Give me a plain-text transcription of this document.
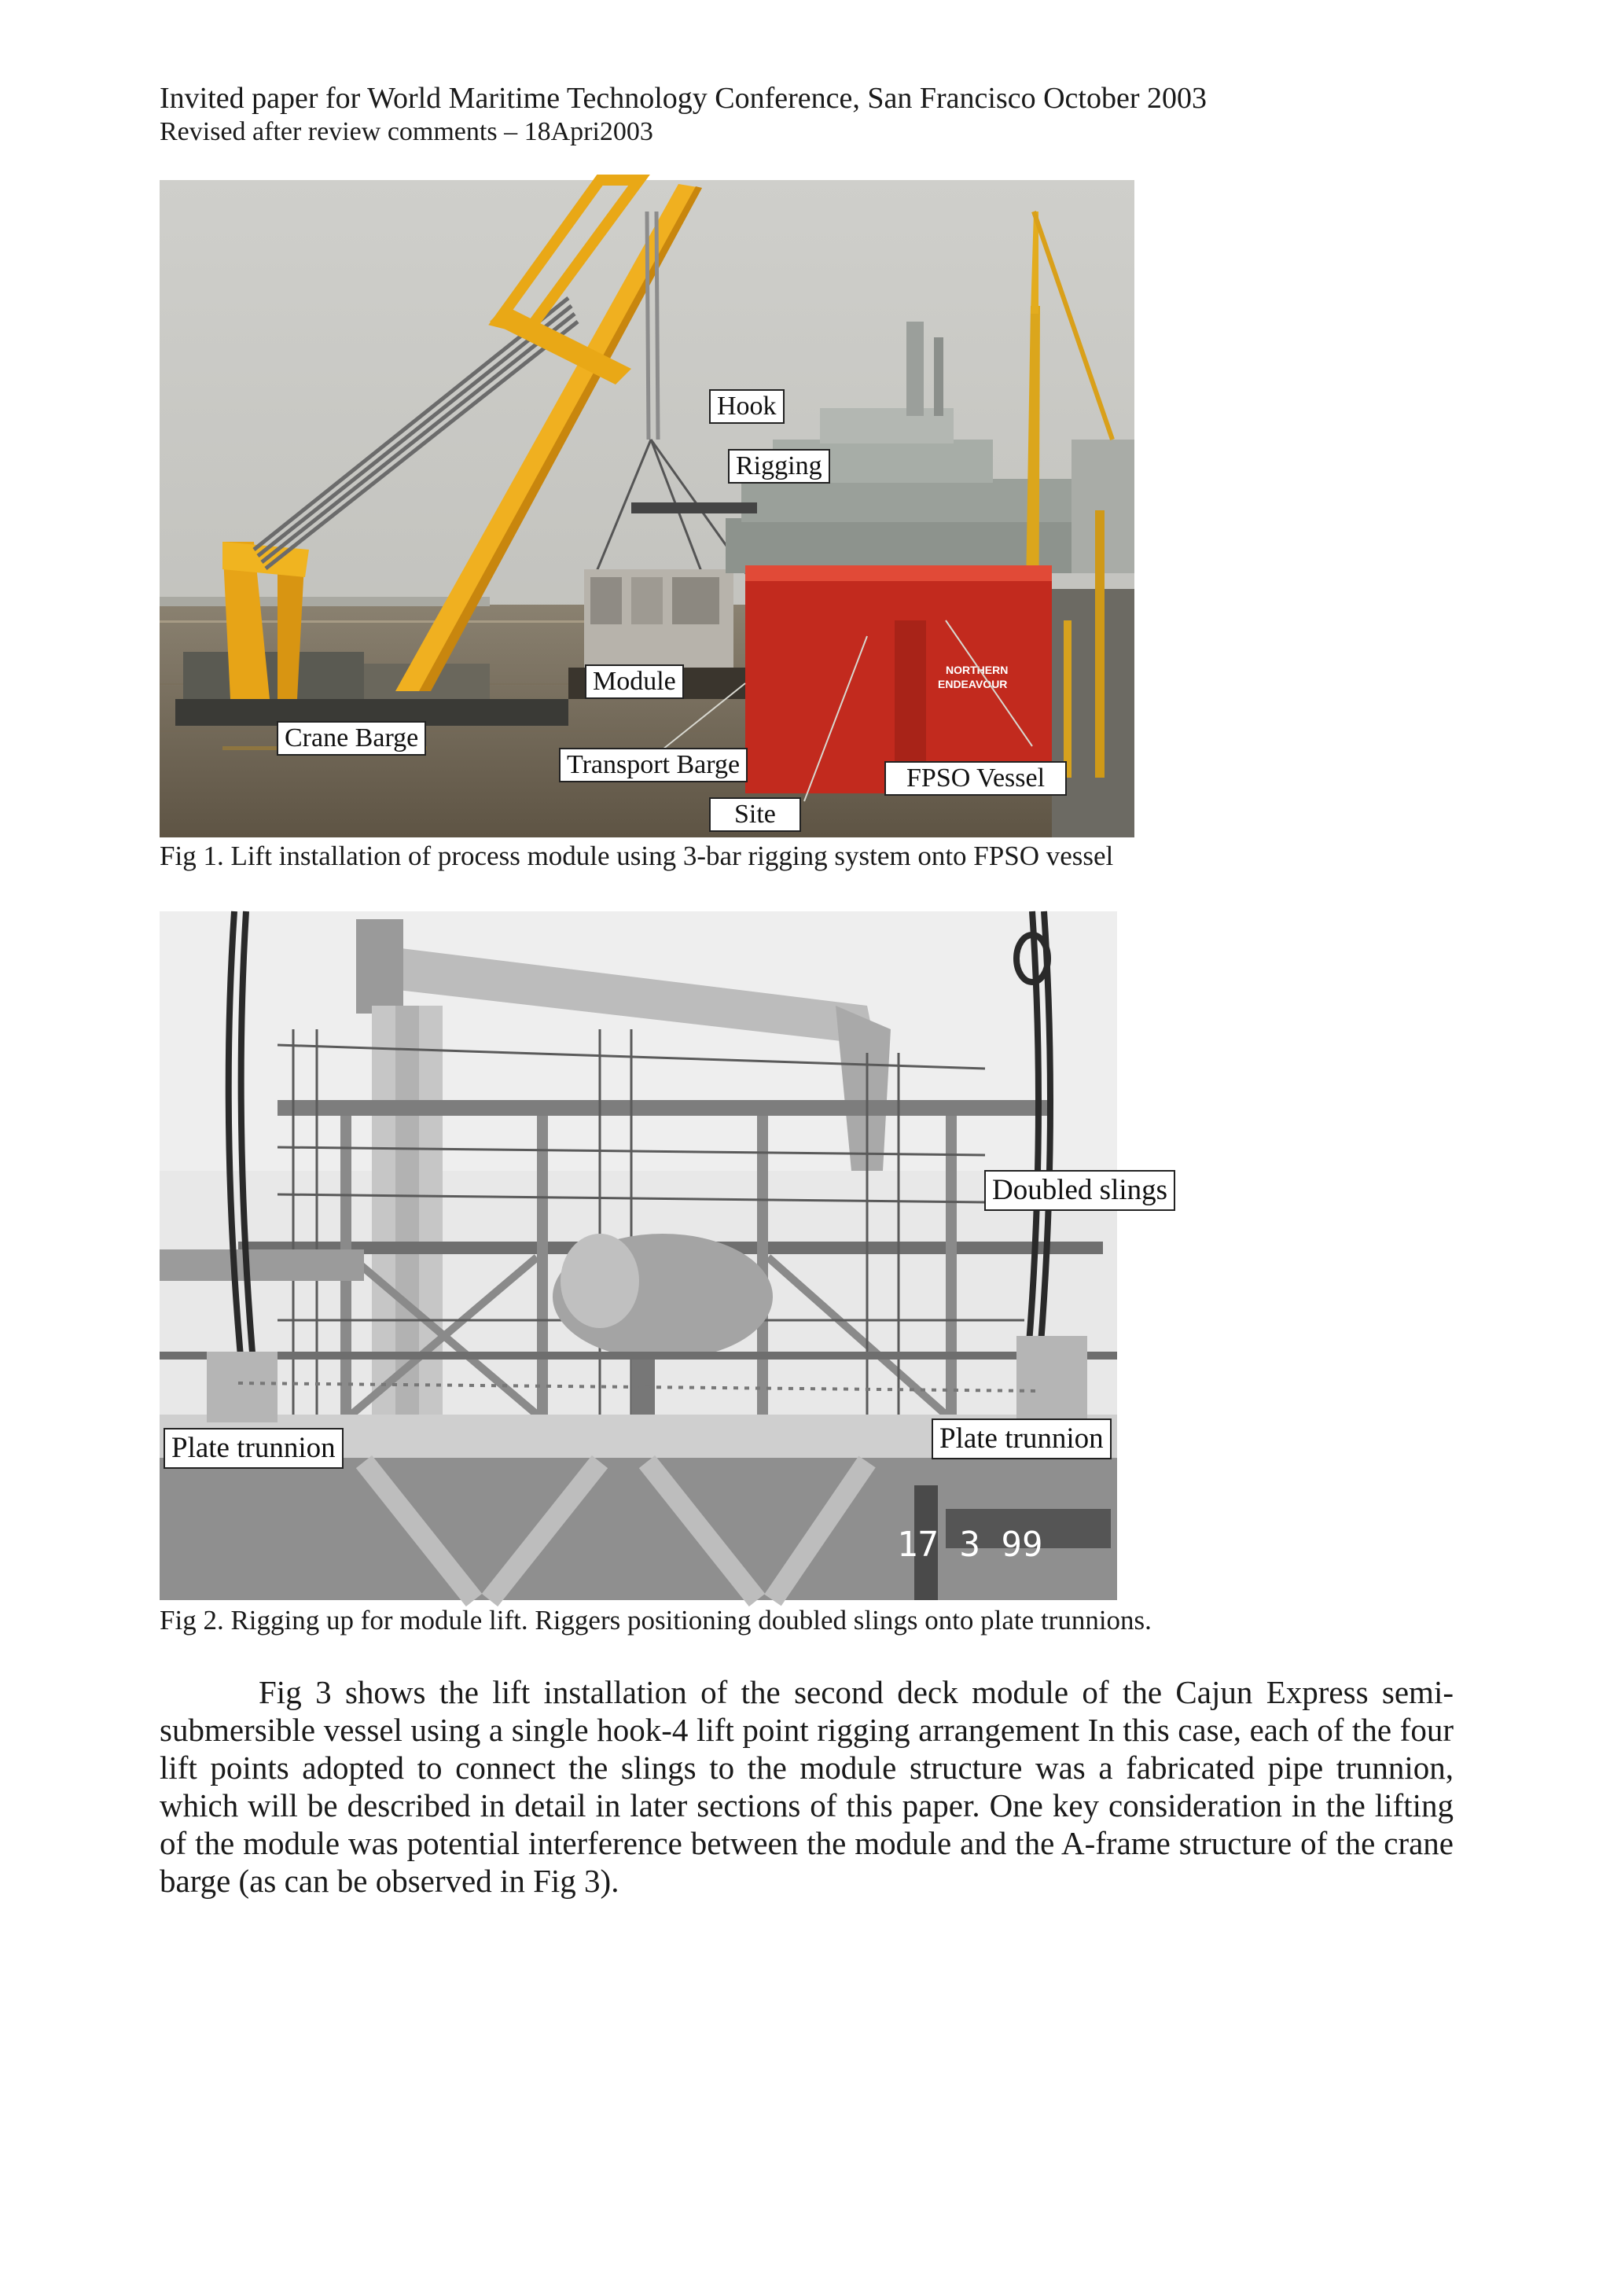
Invited paper for World Maritime Technology Conference, San Francisco October 2003
Revised after review comments – 18Apri2003
NORTHERN
ENDEAVOUR
Hook
Rigging
Module
Crane Barge
Transport Barge	FPSO Vessel
Site
Fig 1. Lift installation of process module using 3-bar rigging system onto FPSO vessel
17 3 99
Doubled slings
Plate trunnion	Plate trunnion
Fig 2. Rigging up for module lift. Riggers positioning doubled slings onto plate trunnions.

Fig 3 shows the lift installation of the second deck module of the Cajun Express semi-submersible vessel using a single hook-4 lift point rigging arrangement In this case, each of the four lift points adopted to connect the slings to the module structure was a fabricated pipe trunnion, which will be described in detail in later sections of this paper. One key consideration in the lifting of the module was potential interference between the module and the A-frame structure of the crane barge (as can be observed in Fig 3).
